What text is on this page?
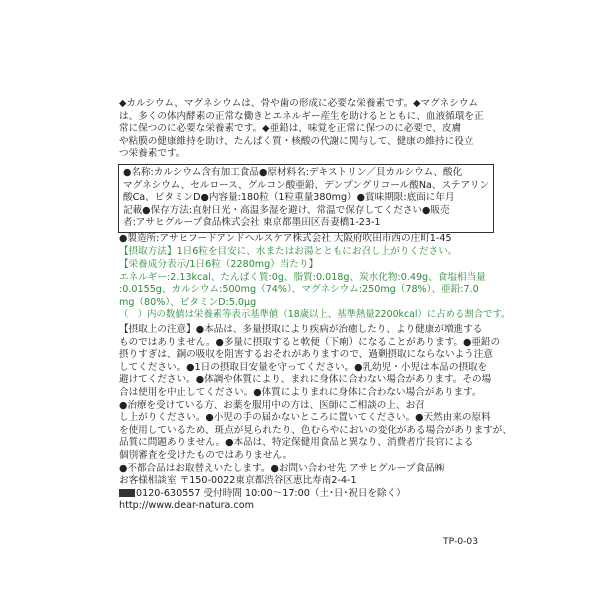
◆カルシウム、マグネシウムは、骨や歯の形成に必要な栄養素です。◆マグネシウム
は、多くの体内酵素の正常な働きとエネルギー産生を助けるとともに、血液循環を正
常に保つのに必要な栄養素です。◆亜鉛は、味覚を正常に保つのに必要で、皮膚
や粘膜の健康維持を助け、たんぱく質・核酸の代謝に関与して、健康の維持に役立
つ栄養素です。

●名称:カルシウム含有加工食品●原材料名:デキストリン／貝カルシウム、酸化
マグネシウム、セルロース、グルコン酸亜鉛、デンプングリコール酸Na、ステアリン
酸Ca、ビタミンD●内容量:180粒（1粒重量380mg）●賞味期限:底面に年月
記載●保存方法:直射日光・高温多湿を避け、常温で保存してください●販売
者:アサヒグループ食品株式会社 東京都墨田区吾妻橋1-23-1

●製造所:アサヒフードアンドヘルスケア株式会社 大阪府吹田市西の庄町1-45

【摂取方法】1日6粒を目安に、水またはお湯とともにお召し上がりください。

【栄養成分表示/1日6粒（2280mg）当たり】
エネルギー:2.13kcal、たんぱく質:0g、脂質:0.018g、炭水化物:0.49g、食塩相当量
:0.0155g、カルシウム:500mg（74%）、マグネシウム:250mg（78%）、亜鉛:7.0
mg（80%）、ビタミンD:5.0μg
（　）内の数値は栄養素等表示基準値（18歳以上、基準熱量2200kcal）に占める割合です。

【摂取上の注意】●本品は、多量摂取により疾病が治癒したり、より健康が増進する
ものではありません。●多量に摂取すると軟便（下痢）になることがあります。●亜鉛の
摂りすぎは、銅の吸収を阻害するおそれがありますので、過剰摂取にならないよう注意
してください。●1日の摂取目安量を守ってください。●乳幼児・小児は本品の摂取を
避けてください。●体調や体質により、まれに身体に合わない場合があります。その場
合は使用を中止してください。●体質によりまれに身体に合わない場合があります。
●治療を受けている方、お薬を服用中の方は、医師にご相談の上、お召
し上がりください。●小児の手の届かないところに置いてください。●天然由来の原料
を使用しているため、斑点が見られたり、色むらやにおいの変化がある場合がありますが、
品質に問題ありません。●本品は、特定保健用食品と異なり、消費者庁長官による
個別審査を受けたものではありません。
●不都合品はお取替えいたします。●お問い合わせ先 アサヒグループ食品㈱
お客様相談室 〒150-0022東京都渋谷区恵比寿南2-4-1
0120-630557 受付時間 10:00～17:00（土･日･祝日を除く）
http://www.dear-natura.com

TP-0-03
